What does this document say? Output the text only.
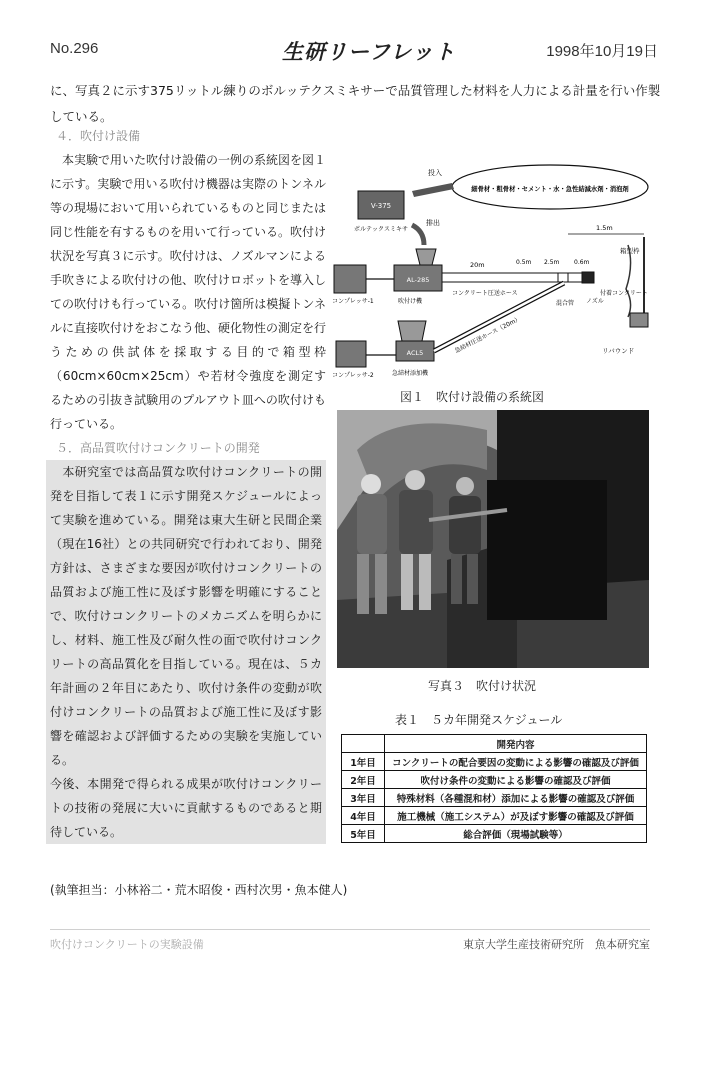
No.296	生研リーフレット	1998年10月19日

に、写真２に示す375リットル練りのボルッテクスミキサーで品質管理した材料を人力による計量を行い作製している。

４．吹付け設備

　本実験で用いた吹付け設備の一例の系統図を図１に示す。実験で用いる吹付け機器は実際のトンネル等の現場において用いられているものと同じまたは同じ性能を有するものを用いて行っている。吹付け状況を写真３に示す。吹付けは、ノズルマンによる手吹きによる吹付けの他、吹付けロボットを導入しての吹付けも行っている。吹付け箇所は模擬トンネルに直接吹付けをおこなう他、硬化物性の測定を行うための供試体を採取する目的で箱型枠（60cm×60cm×25cm）や若材令強度を測定するための引抜き試験用のプルアウト皿への吹付けも行っている。

５．高品質吹付けコンクリートの開発

　本研究室では高品質な吹付けコンクリートの開発を目指して表１に示す開発スケジュールによって実験を進めている。開発は東大生研と民間企業（現在16社）との共同研究で行われており、開発方針は、さまざまな要因が吹付けコンクリートの品質および施工性に及ぼす影響を明確にすることで、吹付けコンクリートのメカニズムを明らかにし、材料、施工性及び耐久性の面で吹付けコンクリートの高品質化を目指している。現在は、５カ年計画の２年目にあたり、吹付け条件の変動が吹付けコンクリートの品質および施工性に及ぼす影響を確認および評価するための実験を実施している。

今後、本開発で得られる成果が吹付けコンクリートの技術の発展に大いに貢献するものであると期待している。

細骨材・粗骨材・セメント・水・急性結減水剤・消泡剤
投入
V-375
ボルテックスミキサ
排出
1.5m
箱型枠
付着コンクリート
リバウンド
コンプレッサ-1
AL-285
吹付け機
20m
コンクリート圧送ホース
0.5m 2.5m 0.6m
混合管 ノズル
コンプレッサ-2
ACL5
急結材添加機
急結材圧送ホース（20m）
図１　吹付け設備の系統図
写真３　吹付け状況
表１　５カ年開発スケジュール
	開発内容
1年目	コンクリートの配合要因の変動による影響の確認及び評価
2年目	吹付け条件の変動による影響の確認及び評価
3年目	特殊材料（各種混和材）添加による影響の確認及び評価
4年目	施工機械（施工システム）が及ぼす影響の確認及び評価
5年目	総合評価（現場試験等）
(執筆担当：小林裕二・荒木昭俊・西村次男・魚本健人)
吹付けコンクリートの実験設備	東京大学生産技術研究所　魚本研究室
